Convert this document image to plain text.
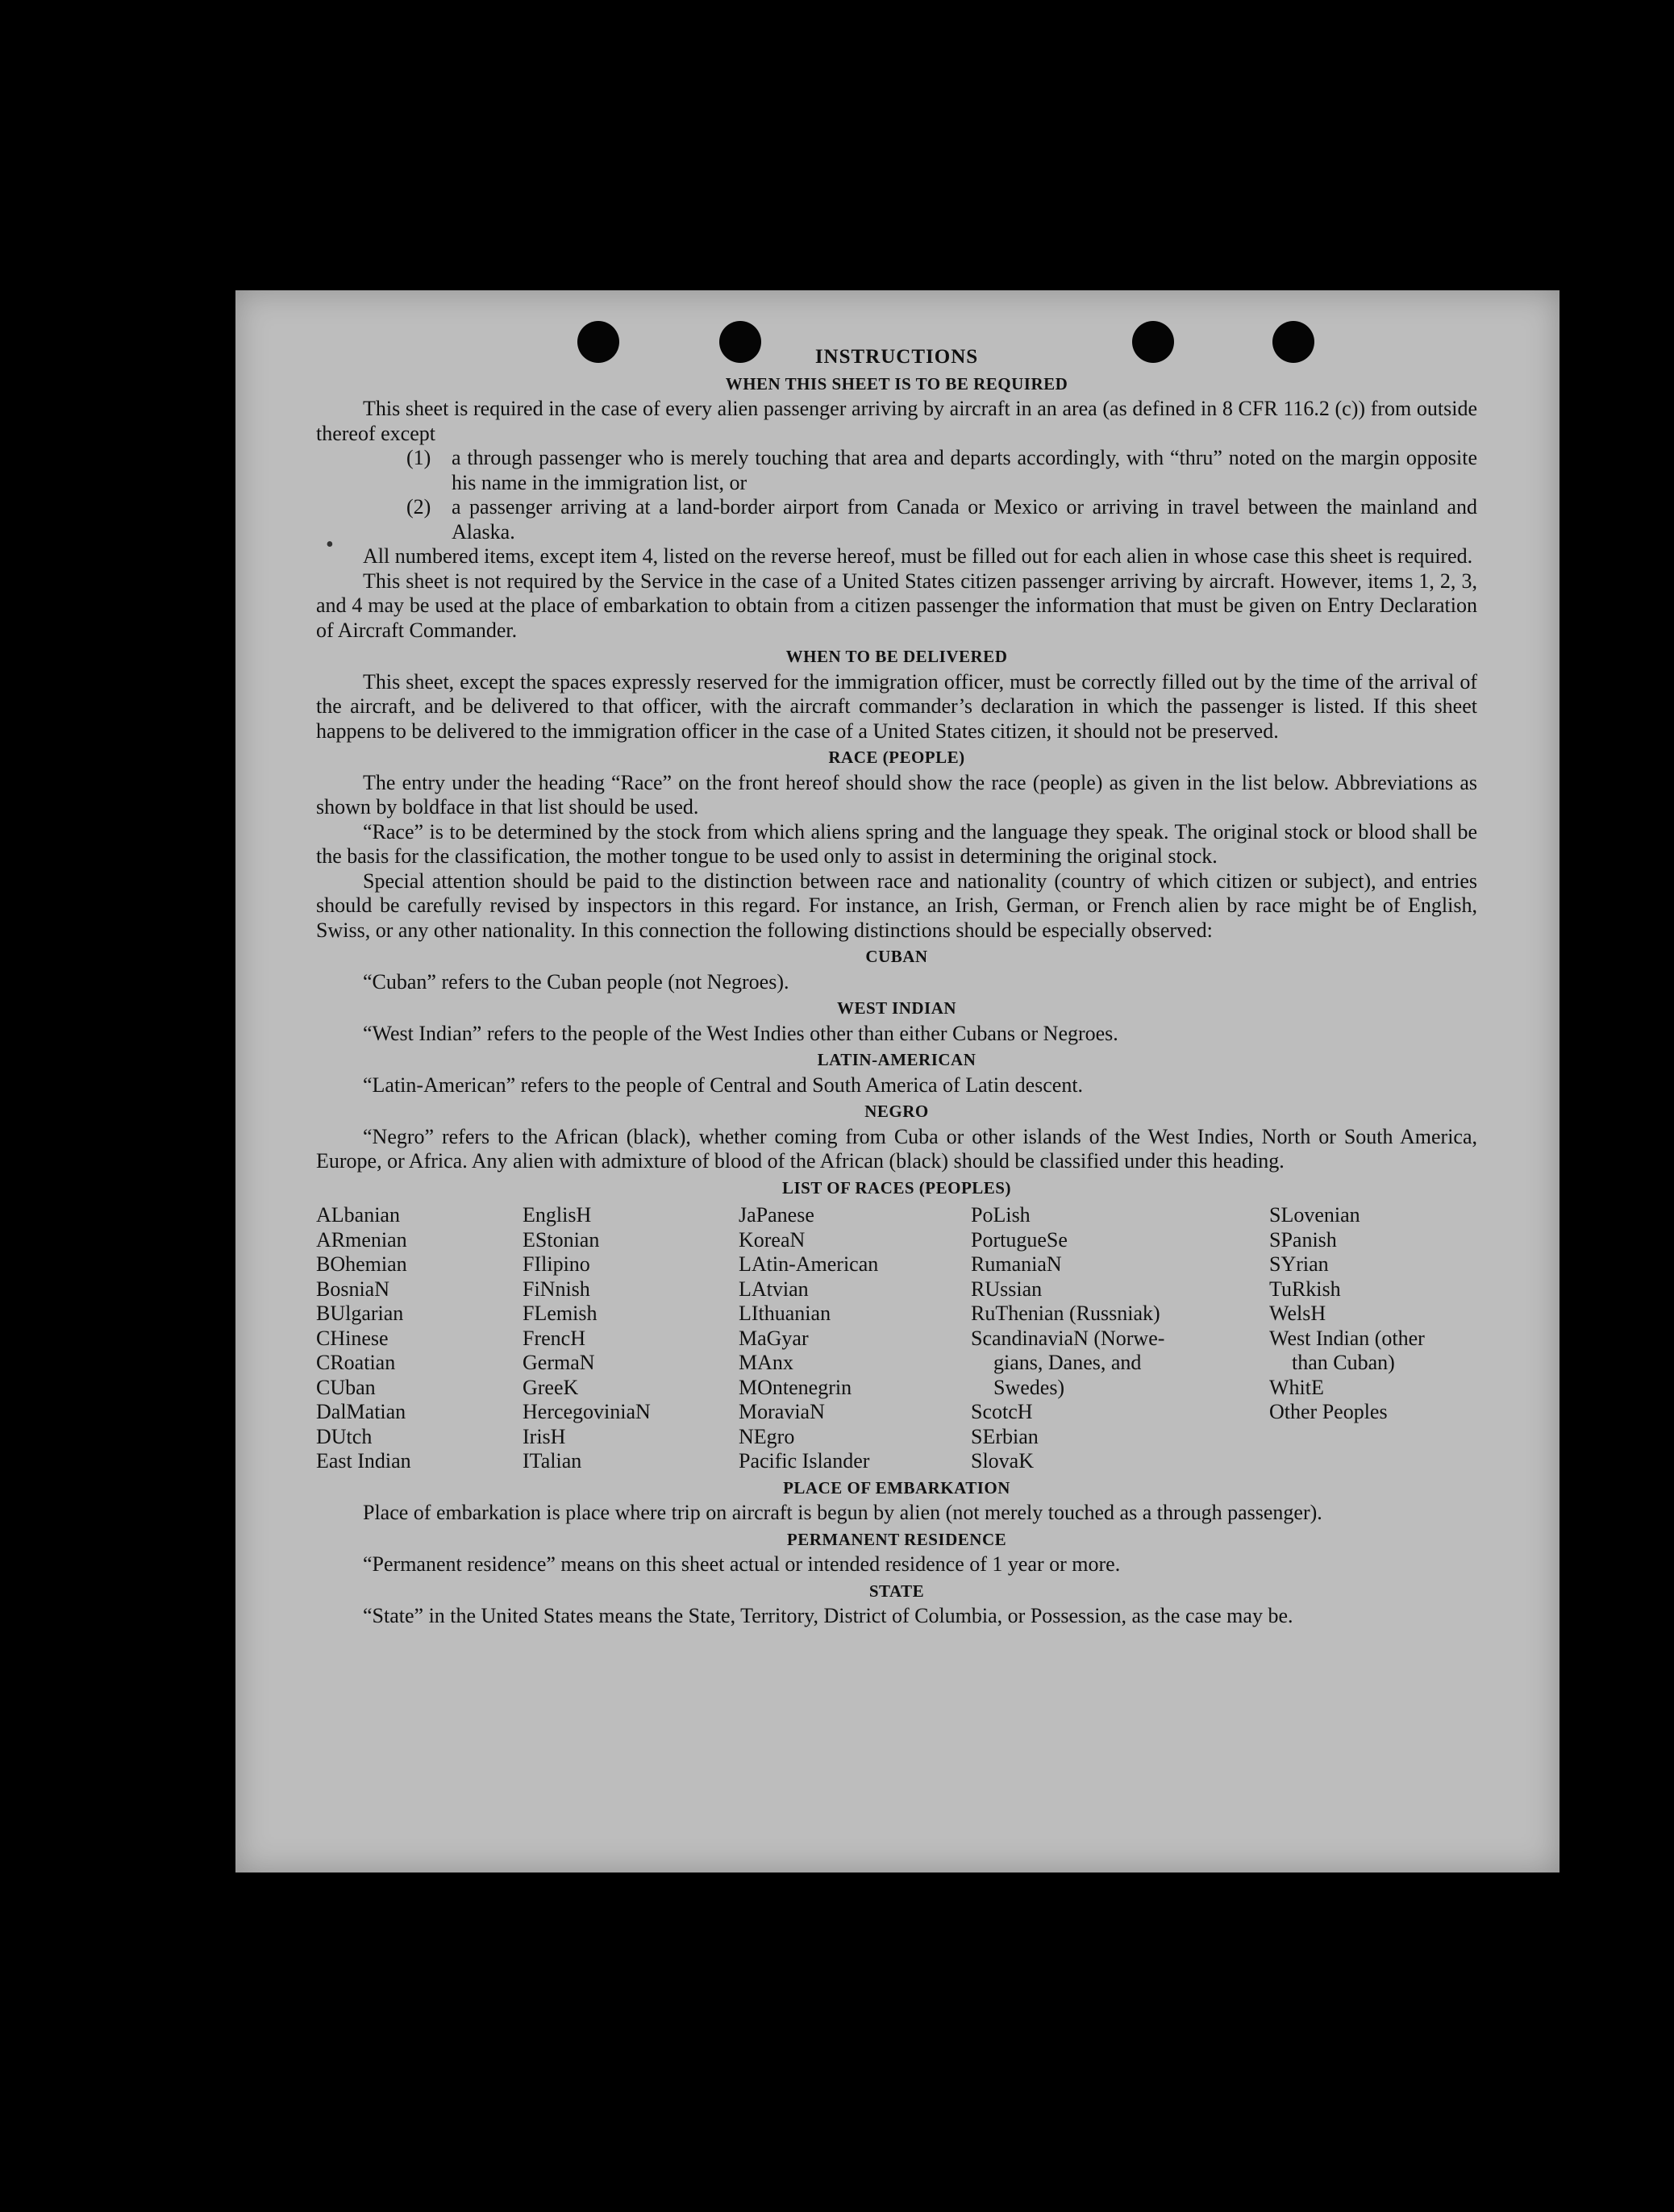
•
INSTRUCTIONS
WHEN THIS SHEET IS TO BE REQUIRED

This sheet is required in the case of every alien passenger arriving by aircraft in an area (as defined in 8 CFR 116.2 (c)) from outside thereof except

(1) a through passenger who is merely touching that area and departs accordingly, with “thru” noted on the margin opposite his name in the immigration list, or
(2) a passenger arriving at a land-border airport from Canada or Mexico or arriving in travel between the mainland and Alaska.

All numbered items, except item 4, listed on the reverse hereof, must be filled out for each alien in whose case this sheet is required.

This sheet is not required by the Service in the case of a United States citizen passenger arriving by aircraft. However, items 1, 2, 3, and 4 may be used at the place of embarkation to obtain from a citizen passenger the information that must be given on Entry Declaration of Aircraft Commander.

WHEN TO BE DELIVERED

This sheet, except the spaces expressly reserved for the immigration officer, must be correctly filled out by the time of the arrival of the aircraft, and be delivered to that officer, with the aircraft commander’s declaration in which the passenger is listed. If this sheet happens to be delivered to the immigration officer in the case of a United States citizen, it should not be preserved.

RACE (PEOPLE)

The entry under the heading “Race” on the front hereof should show the race (people) as given in the list below. Abbreviations as shown by boldface in that list should be used.

“Race” is to be determined by the stock from which aliens spring and the language they speak. The original stock or blood shall be the basis for the classification, the mother tongue to be used only to assist in determining the original stock.

Special attention should be paid to the distinction between race and nationality (country of which citizen or subject), and entries should be carefully revised by inspectors in this regard. For instance, an Irish, German, or French alien by race might be of English, Swiss, or any other nationality. In this connection the following distinctions should be especially observed:

CUBAN

“Cuban” refers to the Cuban people (not Negroes).

WEST INDIAN

“West Indian” refers to the people of the West Indies other than either Cubans or Negroes.

LATIN-AMERICAN

“Latin-American” refers to the people of Central and South America of Latin descent.

NEGRO

“Negro” refers to the African (black), whether coming from Cuba or other islands of the West Indies, North or South America, Europe, or Africa. Any alien with admixture of blood of the African (black) should be classified under this heading.

LIST OF RACES (PEOPLES)
ALbanian
ARmenian
BOhemian
BosniaN
BUlgarian
CHinese
CRoatian
CUban
DalMatian
DUtch
East Indian
EnglisH
EStonian
FIlipino
FiNnish
FLemish
FrencH
GermaN
GreeK
HercegoviniaN
IrisH
ITalian
JaPanese
KoreaN
LAtin-American
LAtvian
LIthuanian
MaGyar
MAnx
MOntenegrin
MoraviaN
NEgro
Pacific Islander
PoLish
PortugueSe
RumaniaN
RUssian
RuThenian (Russniak)
ScandinaviaN (Norwe-
gians, Danes, and
Swedes)
ScotcH
SErbian
SlovaK
SLovenian
SPanish
SYrian
TuRkish
WelsH
West Indian (other
than Cuban)
WhitE
Other Peoples
PLACE OF EMBARKATION

Place of embarkation is place where trip on aircraft is begun by alien (not merely touched as a through passenger).

PERMANENT RESIDENCE

“Permanent residence” means on this sheet actual or intended residence of 1 year or more.

STATE

“State” in the United States means the State, Territory, District of Columbia, or Possession, as the case may be.
